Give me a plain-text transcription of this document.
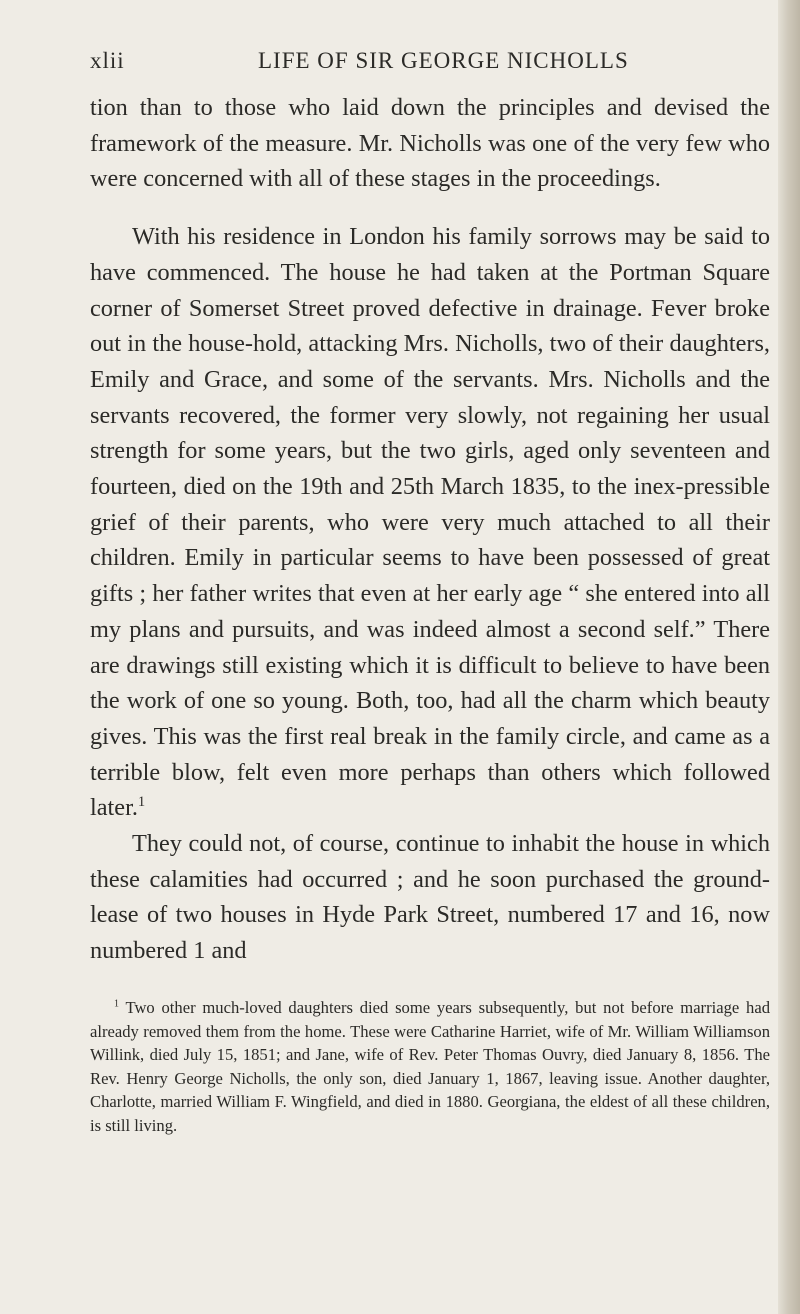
xlii	LIFE OF SIR GEORGE NICHOLLS

tion than to those who laid down the principles and devised the framework of the measure. Mr. Nicholls was one of the very few who were concerned with all of these stages in the proceedings.

With his residence in London his family sorrows may be said to have commenced. The house he had taken at the Portman Square corner of Somerset Street proved defective in drainage. Fever broke out in the house-hold, attacking Mrs. Nicholls, two of their daughters, Emily and Grace, and some of the servants. Mrs. Nicholls and the servants recovered, the former very slowly, not regaining her usual strength for some years, but the two girls, aged only seventeen and fourteen, died on the 19th and 25th March 1835, to the inex-pressible grief of their parents, who were very much attached to all their children. Emily in particular seems to have been possessed of great gifts ; her father writes that even at her early age “ she entered into all my plans and pursuits, and was indeed almost a second self.” There are drawings still existing which it is difficult to believe to have been the work of one so young. Both, too, had all the charm which beauty gives. This was the first real break in the family circle, and came as a terrible blow, felt even more perhaps than others which followed later.$^1$

They could not, of course, continue to inhabit the house in which these calamities had occurred ; and he soon purchased the ground-lease of two houses in Hyde Park Street, numbered 17 and 16, now numbered 1 and

$^1$ Two other much-loved daughters died some years subsequently, but not before marriage had already removed them from the home. These were Catharine Harriet, wife of Mr. William Williamson Willink, died July 15, 1851; and Jane, wife of Rev. Peter Thomas Ouvry, died January 8, 1856. The Rev. Henry George Nicholls, the only son, died January 1, 1867, leaving issue. Another daughter, Charlotte, married William F. Wingfield, and died in 1880. Georgiana, the eldest of all these children, is still living.
